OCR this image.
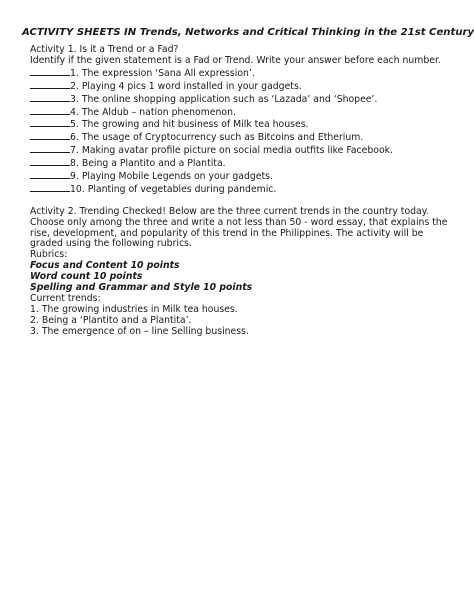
ACTIVITY SHEETS IN Trends, Networks and Critical Thinking in the 21st Century

Activity 1. Is it a Trend or a Fad?

Identify if the given statement is a Fad or Trend. Write your answer before each number.

1. The expression ‘Sana All expression’.

2. Playing 4 pics 1 word installed in your gadgets.

3. The online shopping application such as ‘Lazada’ and ‘Shopee’.

4. The Aldub – nation phenomenon.

5. The growing and hit business of Milk tea houses.

6. The usage of Cryptocurrency such as Bitcoins and Etherium.

7. Making avatar profile picture on social media outfits like Facebook.

8. Being a Plantito and a Plantita.

9. Playing Mobile Legends on your gadgets.

10. Planting of vegetables during pandemic.

Activity 2. Trending Checked! Below are the three current trends in the country today. Choose only among the three and write a not less than 50 - word essay, that explains the rise, development, and popularity of this trend in the Philippines. The activity will be graded using the following rubrics.

Rubrics:

Focus and Content 10 points

Word count 10 points

Spelling and Grammar and Style 10 points

Current trends:

1. The growing industries in Milk tea houses.

2. Being a ‘Plantito and a Plantita’.

3. The emergence of on – line Selling business.
